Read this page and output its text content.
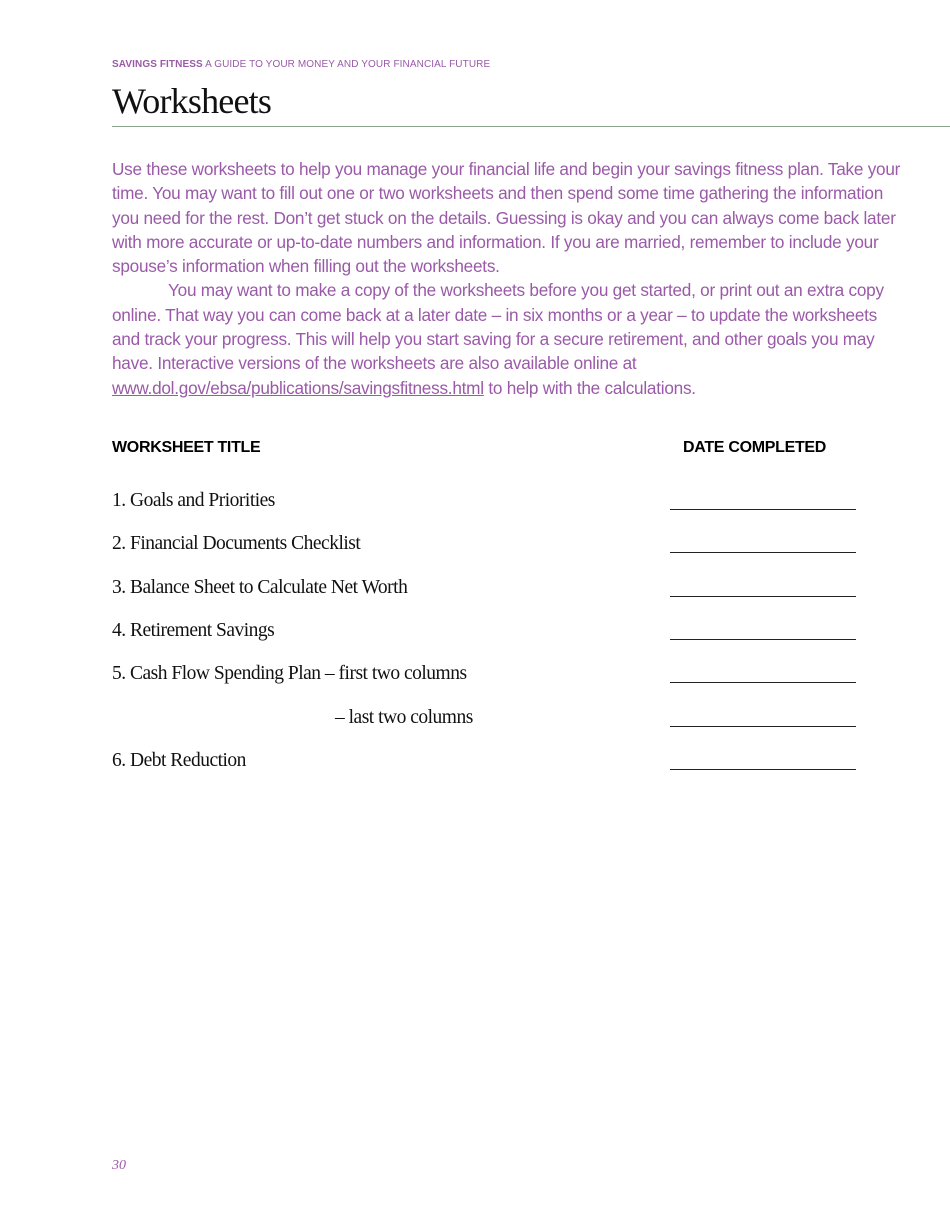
SAVINGS FITNESS A GUIDE TO YOUR MONEY AND YOUR FINANCIAL FUTURE
Worksheets

Use these worksheets to help you manage your financial life and begin your savings fitness plan. Take your time. You may want to fill out one or two worksheets and then spend some time gathering the information you need for the rest. Don’t get stuck on the details. Guessing is okay and you can always come back later with more accurate or up-to-date numbers and information. If you are married, remember to include your spouse’s information when filling out the worksheets.

You may want to make a copy of the worksheets before you get started, or print out an extra copy online. That way you can come back at a later date – in six months or a year – to update the worksheets and track your progress. This will help you start saving for a secure retirement, and other goals you may have. Interactive versions of the worksheets are also available online at www.dol.gov/ebsa/publications/savingsfitness.html to help with the calculations.

WORKSHEET TITLE	DATE COMPLETED
1. Goals and Priorities
2. Financial Documents Checklist
3. Balance Sheet to Calculate Net Worth
4. Retirement Savings
5. Cash Flow Spending Plan – first two columns
– last two columns
6. Debt Reduction
30
